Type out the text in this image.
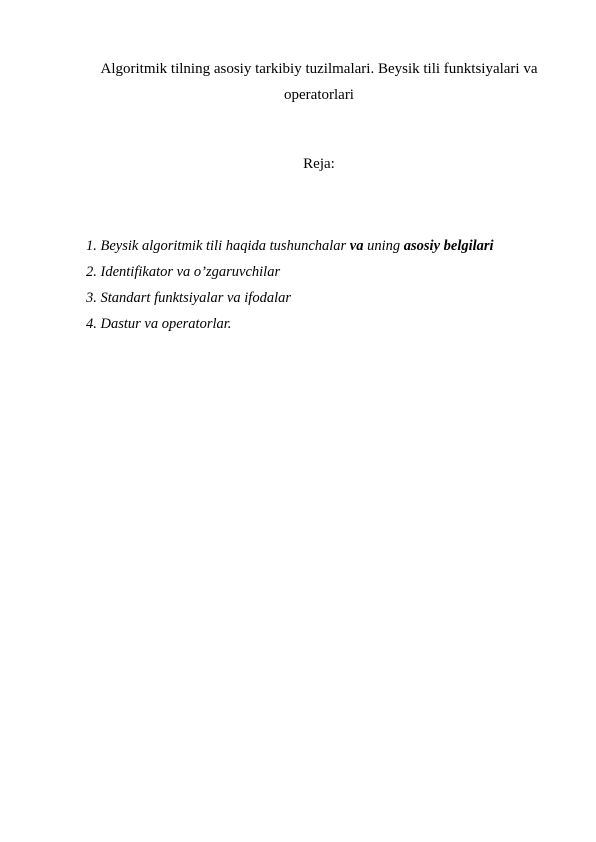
Algoritmik tilning asosiy tarkibiy tuzilmalari. Beysik tili funktsiyalari va
operatorlari
Reja:
1. Beysik algoritmik tili haqida tushunchalar va uning asosiy belgilari
2. Identifikator va o’zgaruvchilar
3. Standart funktsiyalar va ifodalar
4. Dastur va operatorlar.
